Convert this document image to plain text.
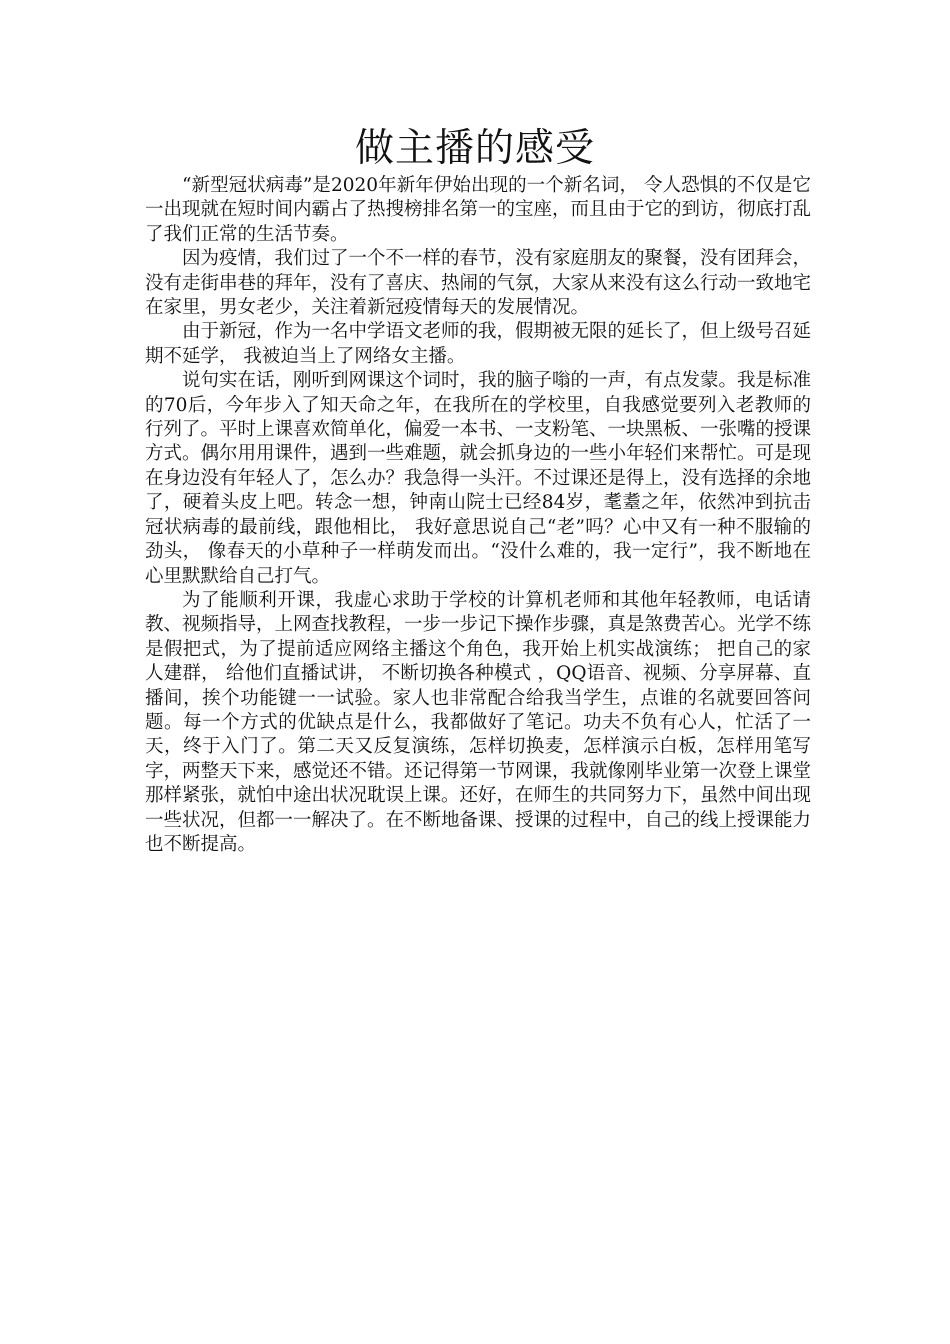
做主播的感受

“新型冠状病毒”是2020年新年伊始出现的一个新名词， 令人恐惧的不仅是它一出现就在短时间内霸占了热搜榜排名第一的宝座，而且由于它的到访，彻底打乱了我们正常的生活节奏。

因为疫情，我们过了一个不一样的春节，没有家庭朋友的聚餐，没有团拜会，没有走街串巷的拜年，没有了喜庆、热闹的气氛，大家从来没有这么行动一致地宅在家里，男女老少，关注着新冠疫情每天的发展情况。

由于新冠，作为一名中学语文老师的我，假期被无限的延长了，但上级号召延期不延学， 我被迫当上了网络女主播。

说句实在话，刚听到网课这个词时，我的脑子嗡的一声，有点发蒙。我是标准的70后，今年步入了知天命之年，在我所在的学校里，自我感觉要列入老教师的行列了。平时上课喜欢简单化，偏爱一本书、一支粉笔、一块黑板、一张嘴的授课方式。偶尔用用课件，遇到一些难题，就会抓身边的一些小年轻们来帮忙。可是现在身边没有年轻人了，怎么办？我急得一头汗。不过课还是得上，没有选择的余地了，硬着头皮上吧。转念一想，钟南山院士已经84岁，耄耋之年，依然冲到抗击冠状病毒的最前线，跟他相比， 我好意思说自己“老”吗？心中又有一种不服输的劲头， 像春天的小草种子一样萌发而出。“没什么难的，我一定行”，我不断地在心里默默给自己打气。

为了能顺利开课，我虚心求助于学校的计算机老师和其他年轻教师，电话请教、视频指导，上网查找教程，一步一步记下操作步骤，真是煞费苦心。光学不练是假把式，为了提前适应网络主播这个角色，我开始上机实战演练； 把自己的家人建群， 给他们直播试讲， 不断切换各种模式 ，QQ语音、视频、分享屏幕、直播间，挨个功能键一一试验。家人也非常配合给我当学生，点谁的名就要回答问题。每一个方式的优缺点是什么，我都做好了笔记。功夫不负有心人，忙活了一天，终于入门了。第二天又反复演练，怎样切换麦，怎样演示白板，怎样用笔写字，两整天下来，感觉还不错。还记得第一节网课，我就像刚毕业第一次登上课堂那样紧张，就怕中途出状况耽误上课。还好，在师生的共同努力下，虽然中间出现一些状况，但都一一解决了。在不断地备课、授课的过程中，自己的线上授课能力也不断提高。
